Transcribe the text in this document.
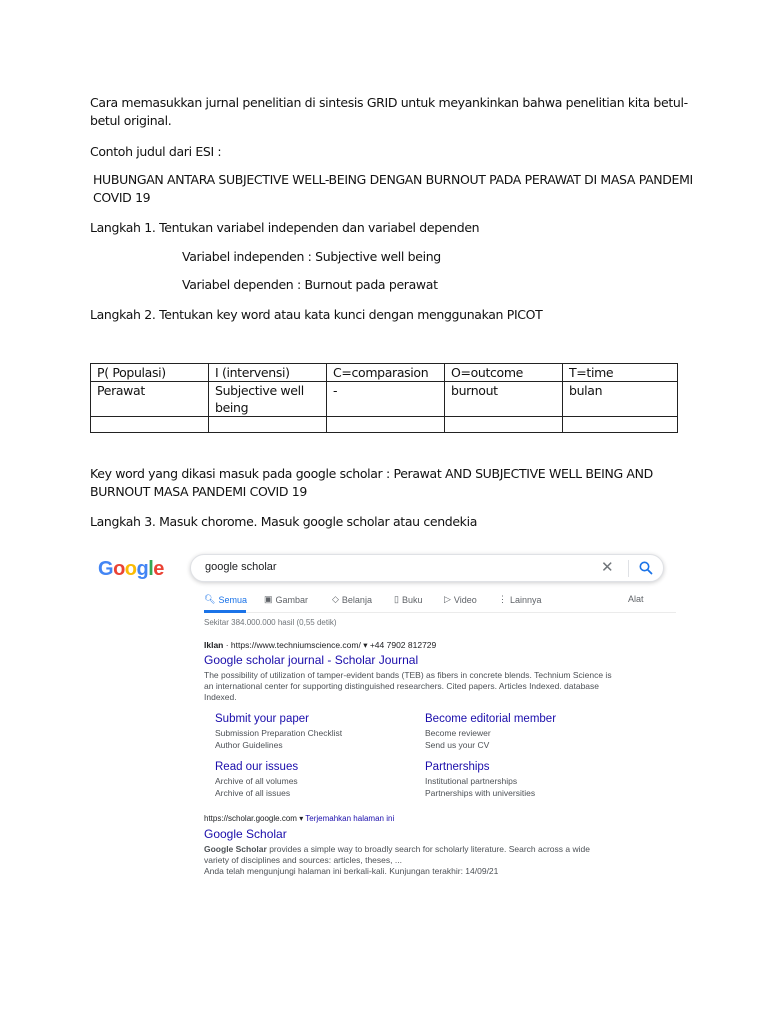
Cara memasukkan jurnal penelitian di sintesis GRID untuk meyankinkan bahwa penelitian kita betul-betul original.

Contoh judul dari ESI :

HUBUNGAN ANTARA SUBJECTIVE WELL-BEING DENGAN BURNOUT PADA PERAWAT DI MASA PANDEMI COVID 19

Langkah 1. Tentukan variabel independen dan variabel dependen

Variabel independen : Subjective well being

Variabel dependen : Burnout pada perawat

Langkah 2. Tentukan key word atau kata kunci dengan menggunakan PICOT

P( Populasi)	I (intervensi)	C=comparasion	O=outcome	T=time
Perawat	Subjective well being	-	burnout	bulan

Key word yang dikasi masuk pada google scholar : Perawat AND SUBJECTIVE WELL BEING AND BURNOUT MASA PANDEMI COVID 19

Langkah 3. Masuk chorome. Masuk google scholar atau cendekia

Google	google scholar	✕
🔍︎ Semua ▣ Gambar	◇ Belanja ▯ Buku ▷ Video ⋮ Lainnya	Alat
Sekitar 384.000.000 hasil (0,55 detik)
Iklan · https://www.techniumscience.com/ ▾ +44 7902 812729
Google scholar journal - Scholar Journal
The possibility of utilization of tamper-evident bands (TEB) as fibers in concrete blends. Technium Science is an international center for supporting distinguished researchers. Cited papers. Articles Indexed. database Indexed.
Submit your paper
Submission Preparation Checklist
Author Guidelines
Become editorial member
Become reviewer
Send us your CV
Read our issues
Archive of all volumes
Archive of all issues
Partnerships
Institutional partnerships
Partnerships with universities
https://scholar.google.com ▾ Terjemahkan halaman ini
Google Scholar
Google Scholar provides a simple way to broadly search for scholarly literature. Search across a wide variety of disciplines and sources: articles, theses, ...
Anda telah mengunjungi halaman ini berkali-kali. Kunjungan terakhir: 14/09/21
